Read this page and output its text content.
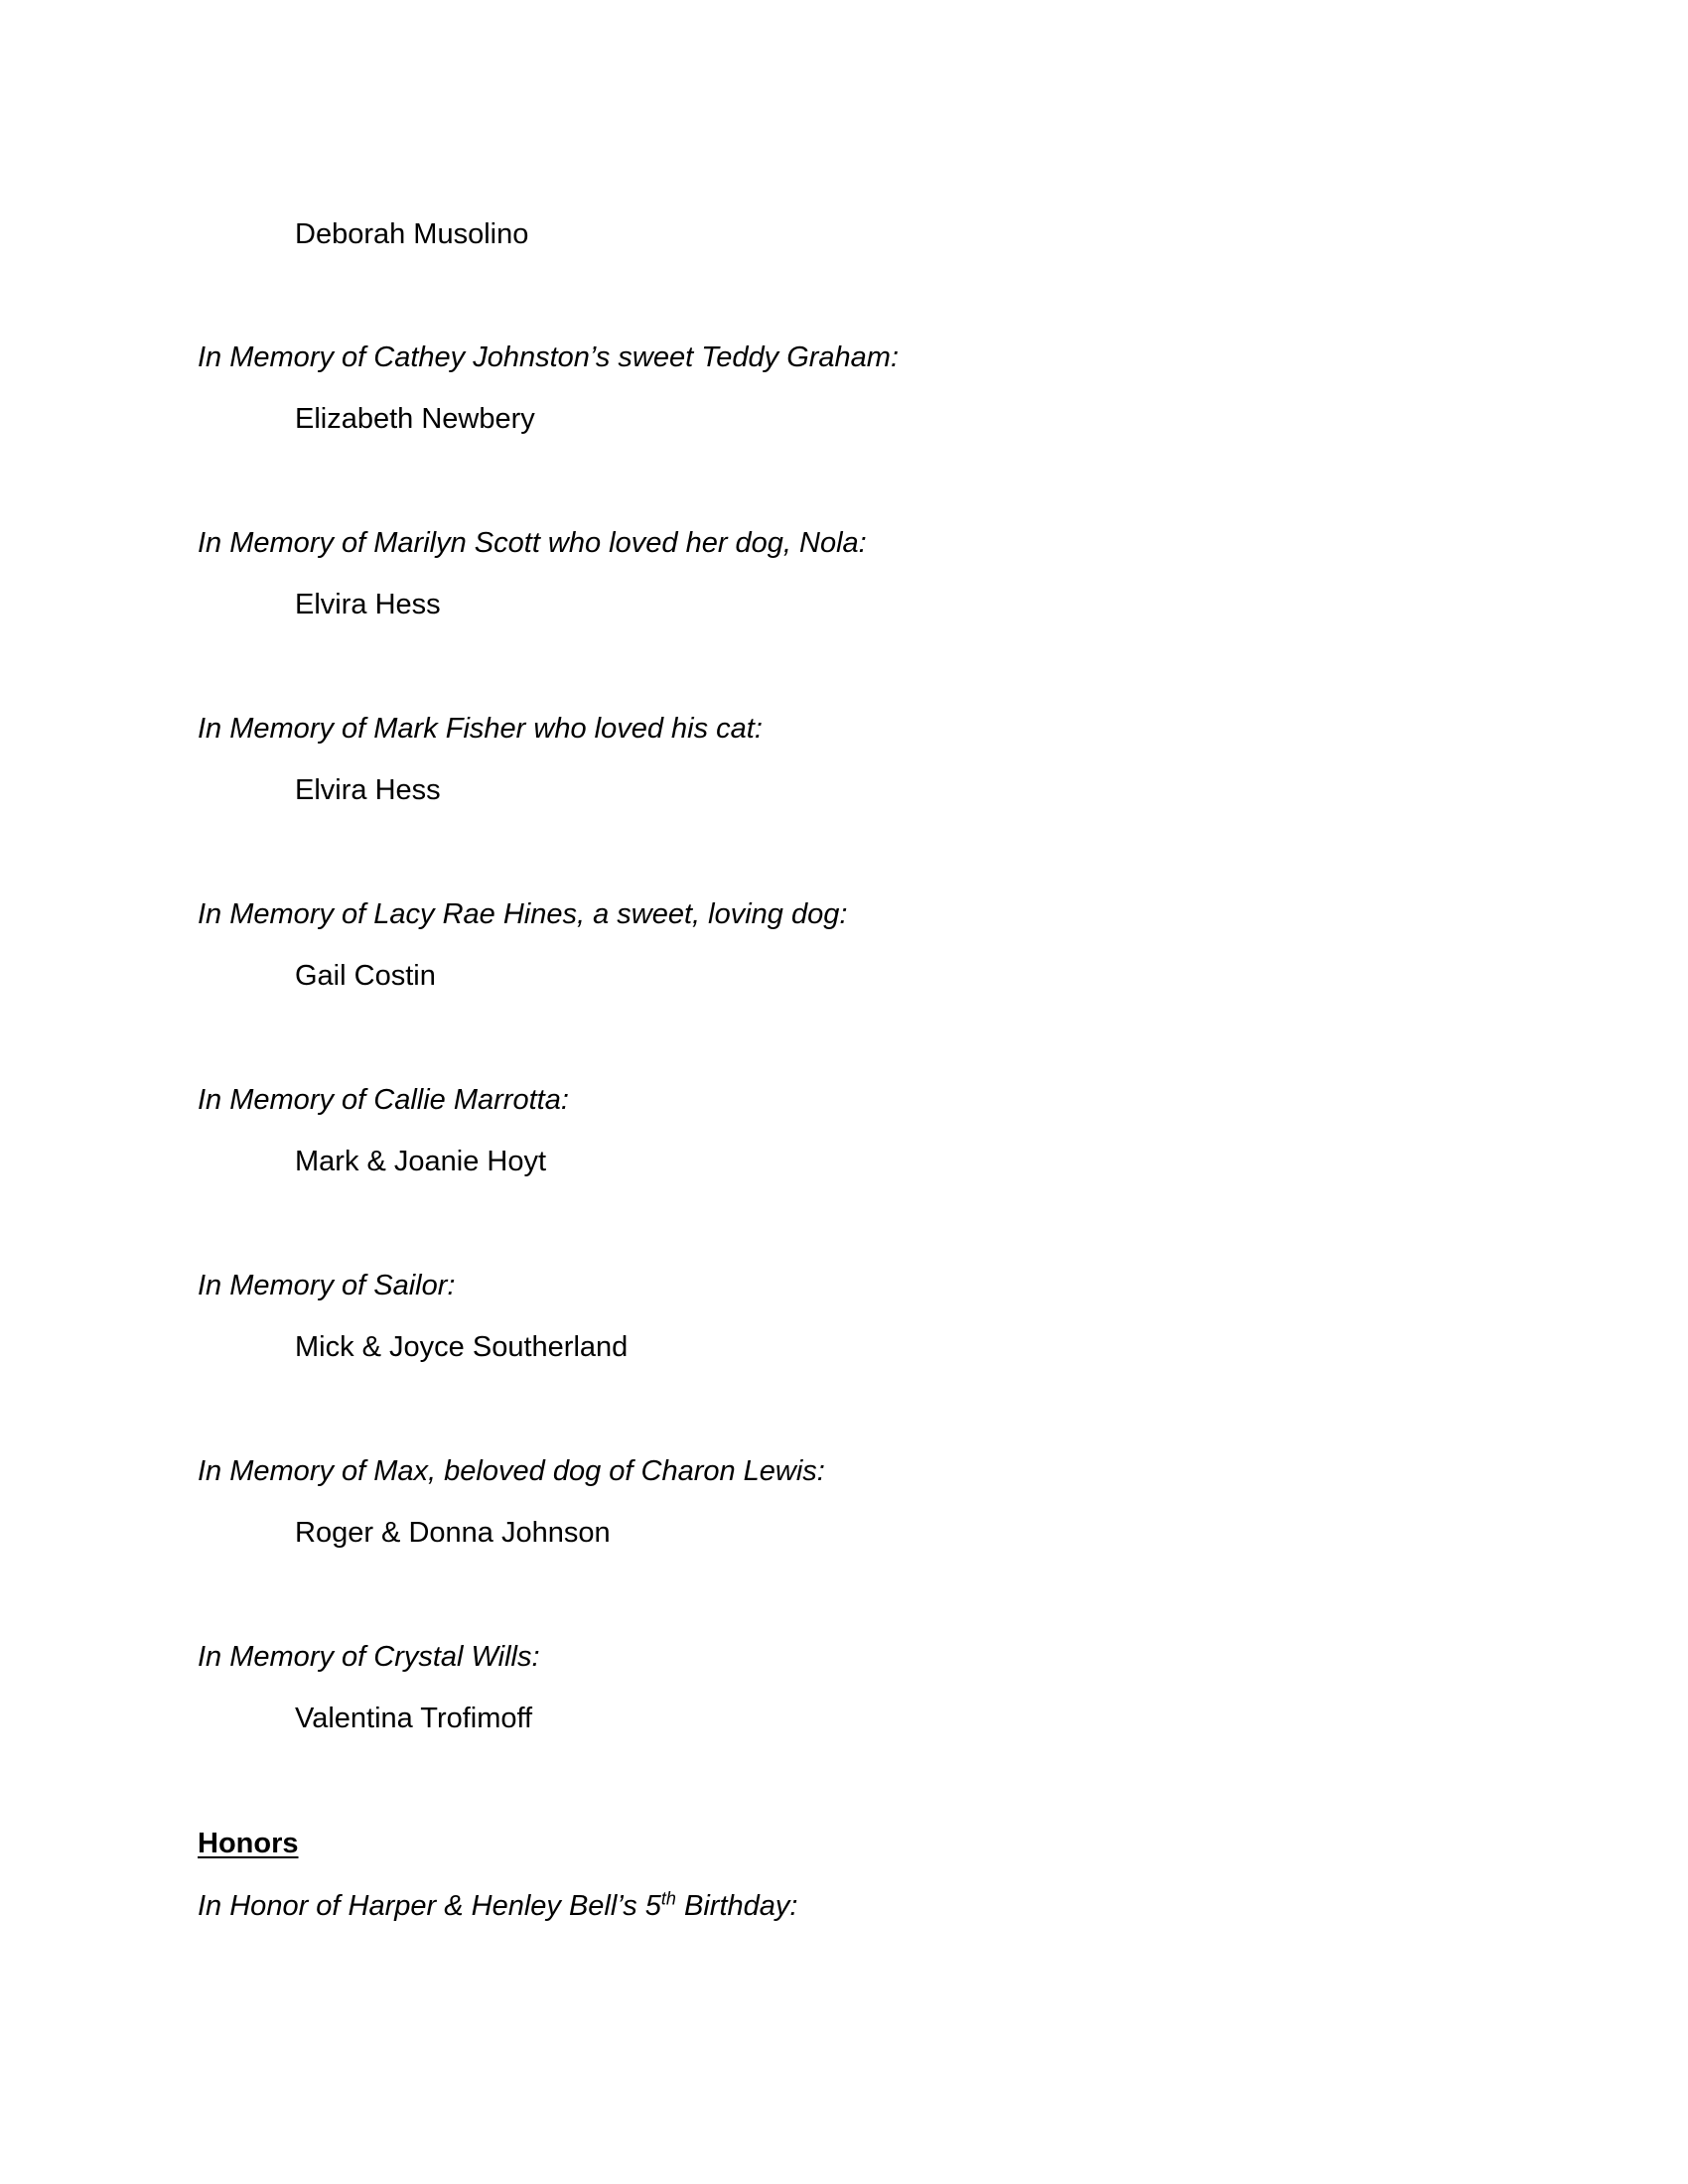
Deborah Musolino
In Memory of Cathey Johnston’s sweet Teddy Graham:
Elizabeth Newbery
In Memory of Marilyn Scott who loved her dog, Nola:
Elvira Hess
In Memory of Mark Fisher who loved his cat:
Elvira Hess
In Memory of Lacy Rae Hines, a sweet, loving dog:
Gail Costin
In Memory of Callie Marrotta:
Mark & Joanie Hoyt
In Memory of Sailor:
Mick & Joyce Southerland
In Memory of Max, beloved dog of Charon Lewis:
Roger & Donna Johnson
In Memory of Crystal Wills:
Valentina Trofimoff
Honors
In Honor of Harper & Henley Bell’s 5th Birthday:
